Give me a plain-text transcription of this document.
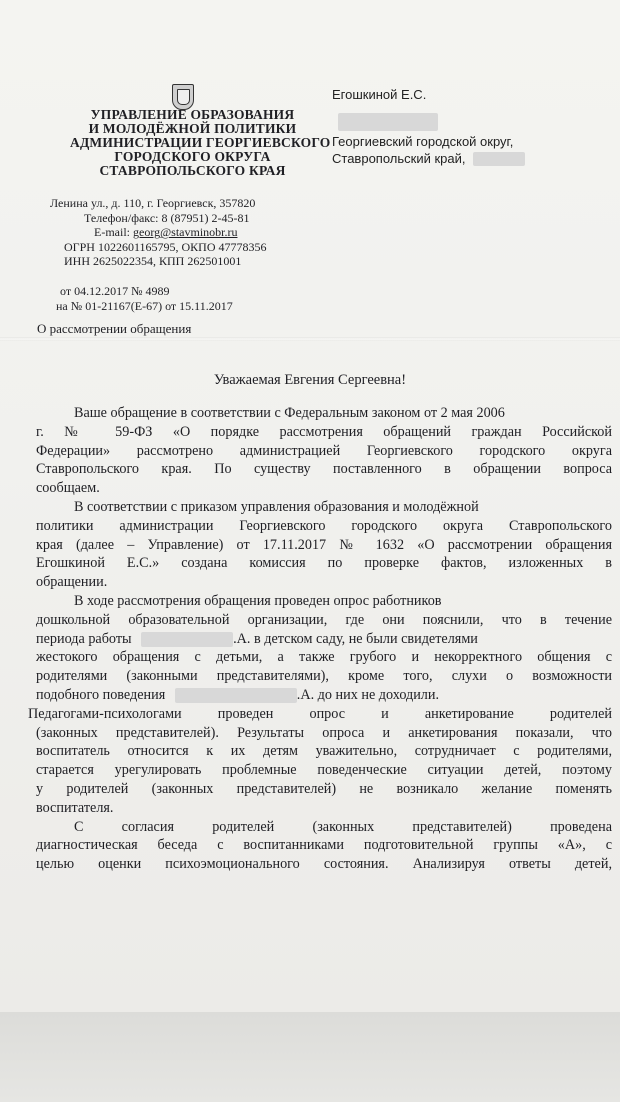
УПРАВЛЕНИЕ ОБРАЗОВАНИЯ
И МОЛОДЁЖНОЙ ПОЛИТИКИ
АДМИНИСТРАЦИИ ГЕОРГИЕВСКОГО
ГОРОДСКОГО ОКРУГА
СТАВРОПОЛЬСКОГО КРАЯ
Ленина ул., д. 110, г. Георгиевск, 357820
Телефон/факс: 8 (87951) 2-45-81
E-mail: georg@stavminobr.ru
ОГРН 1022601165795, ОКПО 47778356
ИНН 2625022354, КПП 262501001
от 04.12.2017 № 4989
на № 01-21167(Е-67) от 15.11.2017
О рассмотрении обращения
Егошкиной Е.С.
Георгиевский городской округ,
Ставропольский край,
Уважаемая Евгения Сергеевна!
Ваше обращение в соответствии с Федеральным законом от 2 мая 2006
г. № 59-ФЗ «О порядке рассмотрения обращений граждан Российской
Федерации» рассмотрено администрацией Георгиевского городского округа
Ставропольского края. По существу поставленного в обращении вопроса
сообщаем.
В соответствии с приказом управления образования и молодёжной
политики администрации Георгиевского городского округа Ставропольского
края (далее – Управление) от 17.11.2017 № 1632 «О рассмотрении обращения
Егошкиной Е.С.» создана комиссия по проверке фактов, изложенных в
обращении.
В ходе рассмотрения обращения проведен опрос работников
дошкольной образовательной организации, где они пояснили, что в течение
периода работы	.А. в детском саду, не были свидетелями
жестокого обращения с детьми, а также грубого и некорректного общения с
родителями (законными представителями), кроме того, слухи о возможности
подобного поведения	.А. до них не доходили.
Педагогами-психологами проведен опрос и анкетирование родителей
(законных представителей). Результаты опроса и анкетирования показали, что
воспитатель относится к их детям уважительно, сотрудничает с родителями,
старается урегулировать проблемные поведенческие ситуации детей, поэтому
у родителей (законных представителей) не возникало желание поменять
воспитателя.
С согласия родителей (законных представителей) проведена
диагностическая беседа с воспитанниками подготовительной группы «А», с
целью оценки психоэмоционального состояния. Анализируя ответы детей,
